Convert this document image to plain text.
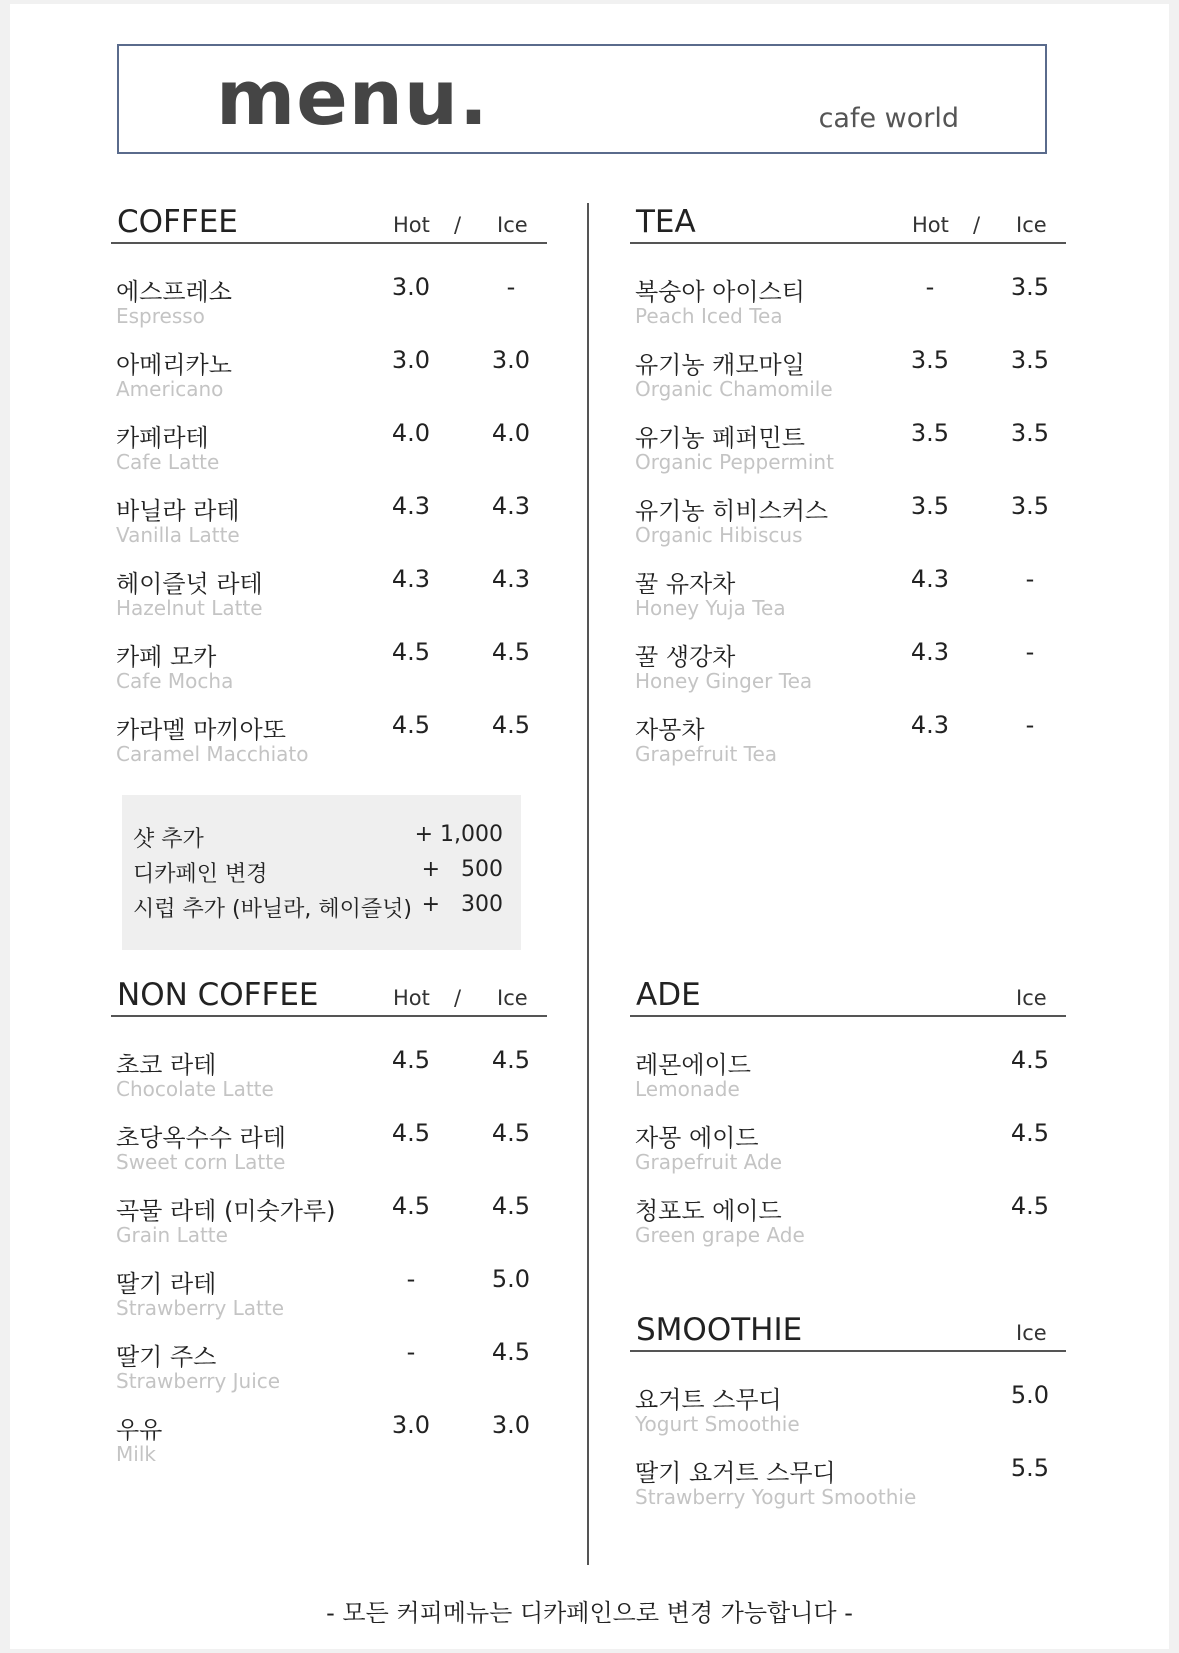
menu.	cafe world
COFFEE	Hot / Ice
에스프레소
Espresso
3.0	-
아메리카노
Americano
3.0	3.0
카페라테
Cafe Latte
4.0	4.0
바닐라 라테
Vanilla Latte
4.3	4.3
헤이즐넛 라테
Hazelnut Latte
4.3	4.3
카페 모카
Cafe Mocha
4.5	4.5
카라멜 마끼아또
Caramel Macchiato
4.5	4.5
샷 추가	+ 1,000
디카페인 변경	+   500
시럽 추가 (바닐라, 헤이즐넛) +   300
TEA	Hot / Ice
복숭아 아이스티
Peach Iced Tea
-	3.5
유기농 캐모마일
Organic Chamomile
3.5	3.5
유기농 페퍼민트
Organic Peppermint
3.5	3.5
유기농 히비스커스
Organic Hibiscus
3.5	3.5
꿀 유자차
Honey Yuja Tea
4.3	-
꿀 생강차
Honey Ginger Tea
4.3	-
자몽차
Grapefruit Tea
4.3	-
NON COFFEE	Hot / Ice
초코 라테
Chocolate Latte
4.5	4.5
초당옥수수 라테
Sweet corn Latte
4.5	4.5
곡물 라테 (미숫가루)
Grain Latte
4.5	4.5
딸기 라테
Strawberry Latte
-	5.0
딸기 주스
Strawberry Juice
-	4.5
우유
Milk
3.0	3.0
ADE	Ice
레몬에이드
Lemonade
4.5
자몽 에이드
Grapefruit Ade
4.5
청포도 에이드
Green grape Ade
4.5
SMOOTHIE	Ice
요거트 스무디
Yogurt Smoothie
5.0
딸기 요거트 스무디
Strawberry Yogurt Smoothie
5.5
- 모든 커피메뉴는 디카페인으로 변경 가능합니다 -
